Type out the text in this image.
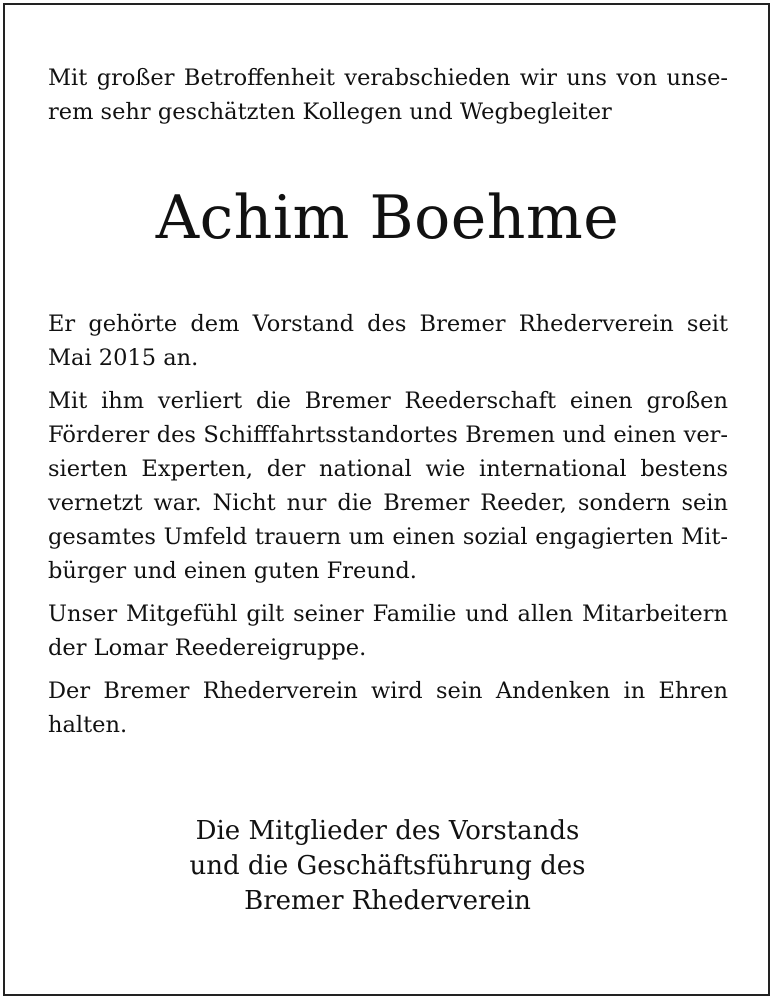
Mit großer Betroffenheit verabschieden wir uns von unse-
rem sehr geschätzten Kollegen und Wegbegleiter
Achim Boehme
Er gehörte dem Vorstand des Bremer Rhederverein seit
Mai 2015 an.
Mit ihm verliert die Bremer Reederschaft einen großen
Förderer des Schifffahrtsstandortes Bremen und einen ver-
sierten Experten, der national wie international bestens
vernetzt war. Nicht nur die Bremer Reeder, sondern sein
gesamtes Umfeld trauern um einen sozial engagierten Mit-
bürger und einen guten Freund.
Unser Mitgefühl gilt seiner Familie und allen Mitarbeitern
der Lomar Reedereigruppe.
Der Bremer Rhederverein wird sein Andenken in Ehren
halten.
Die Mitglieder des Vorstands
und die Geschäftsführung des
Bremer Rhederverein
